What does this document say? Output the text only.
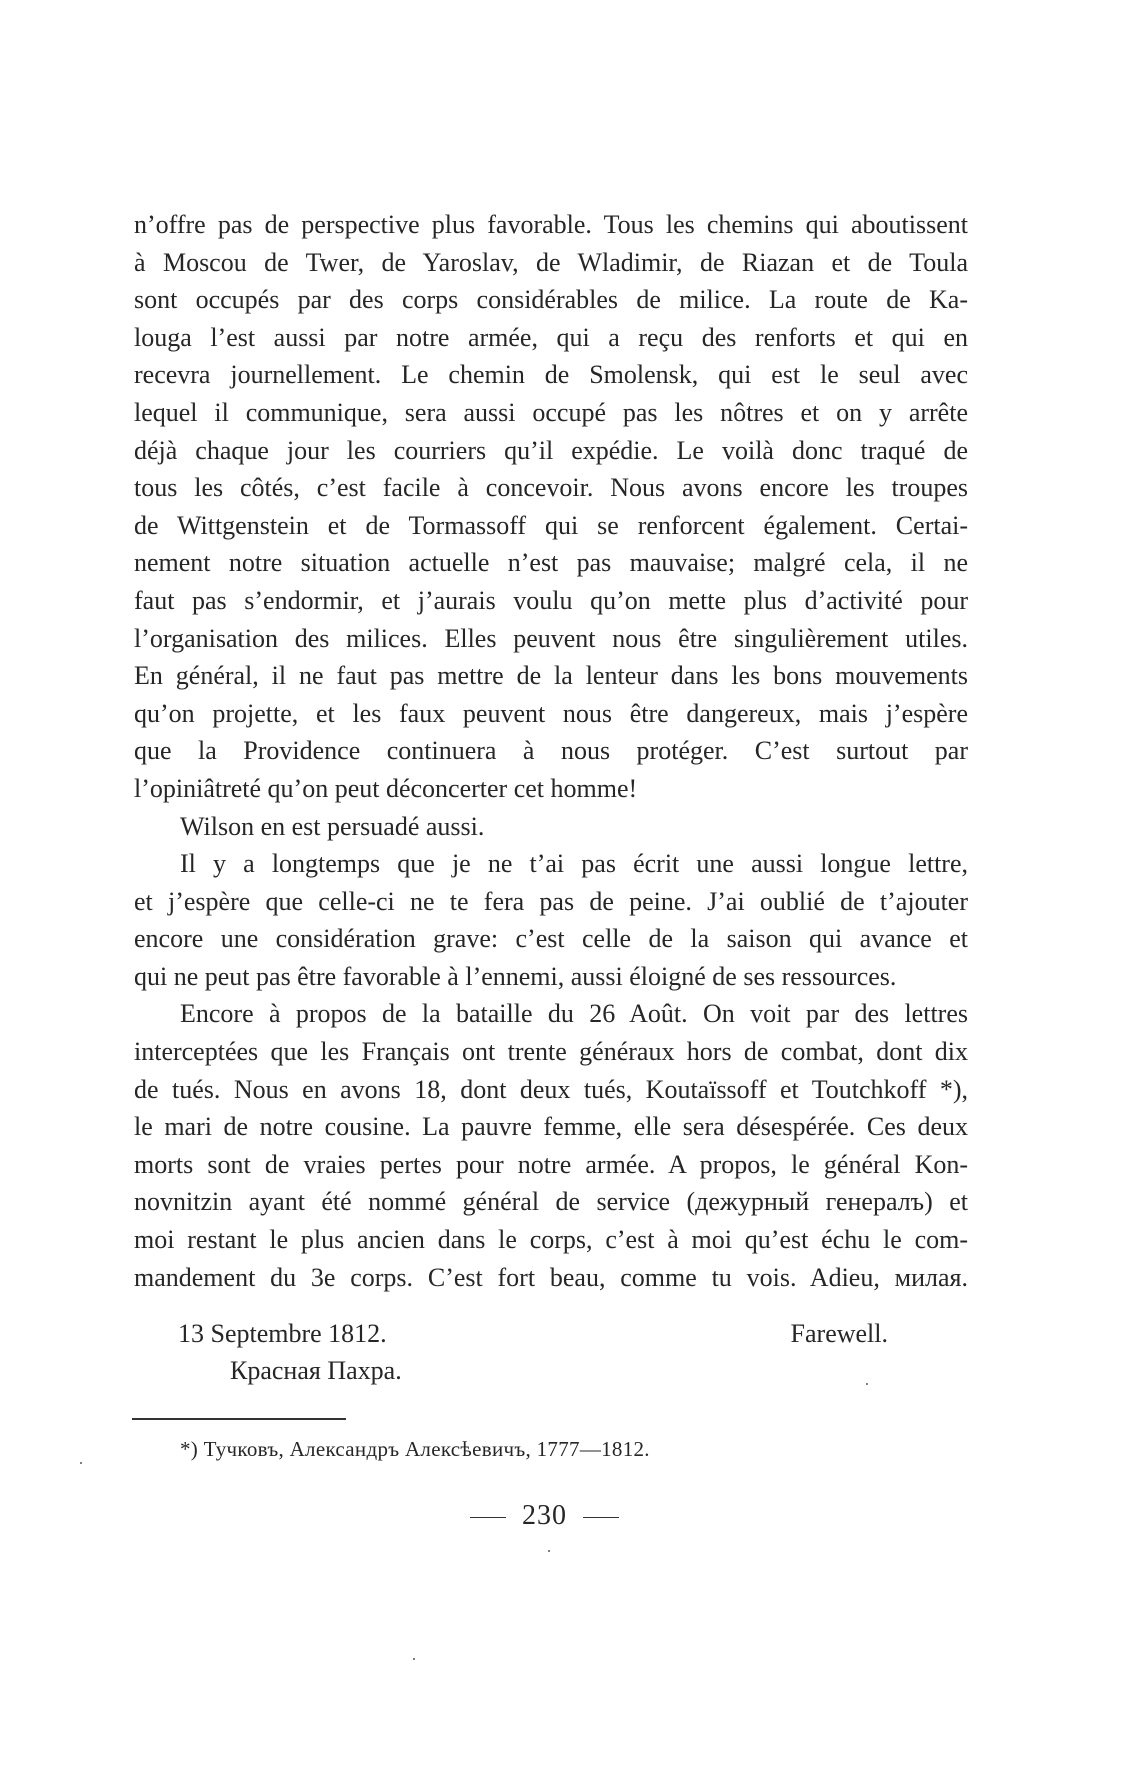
n’offre pas de perspective plus favorable. Tous les chemins qui aboutissent
à Moscou de Twer, de Yaroslav, de Wladimir, de Riazan et de Toula
sont occupés par des corps considérables de milice. La route de Ka-
louga l’est aussi par notre armée, qui a reçu des renforts et qui en
recevra journellement. Le chemin de Smolensk, qui est le seul avec
lequel il communique, sera aussi occupé pas les nôtres et on y arrête
déjà chaque jour les courriers qu’il expédie. Le voilà donc traqué de
tous les côtés, c’est facile à concevoir. Nous avons encore les troupes
de Wittgenstein et de Tormassoff qui se renforcent également. Certai-
nement notre situation actuelle n’est pas mauvaise; malgré cela, il ne
faut pas s’endormir, et j’aurais voulu qu’on mette plus d’activité pour
l’organisation des milices. Elles peuvent nous être singulièrement utiles.
En général, il ne faut pas mettre de la lenteur dans les bons mouvements
qu’on projette, et les faux peuvent nous être dangereux, mais j’espère
que la Providence continuera à nous protéger. C’est surtout par
l’opiniâtreté qu’on peut déconcerter cet homme!
Wilson en est persuadé aussi.
Il y a longtemps que je ne t’ai pas écrit une aussi longue lettre,
et j’espère que celle-ci ne te fera pas de peine. J’ai oublié de t’ajouter
encore une considération grave: c’est celle de la saison qui avance et
qui ne peut pas être favorable à l’ennemi, aussi éloigné de ses ressources.
Encore à propos de la bataille du 26 Août. On voit par des lettres
interceptées que les Français ont trente généraux hors de combat, dont dix
de tués. Nous en avons 18, dont deux tués, Koutaïssoff et Toutchkoff *),
le mari de notre cousine. La pauvre femme, elle sera désespérée. Ces deux
morts sont de vraies pertes pour notre armée. A propos, le général Kon-
novnitzin ayant été nommé général de service (дежурный генералъ) et
moi restant le plus ancien dans le corps, c’est à moi qu’est échu le com-
mandement du 3e corps. C’est fort beau, comme tu vois. Adieu, милая.
13 Septembre 1812.	Farewell.
Красная Пахра.
*) Тучковъ, Александръ Алексѣевичъ, 1777—1812.
230
